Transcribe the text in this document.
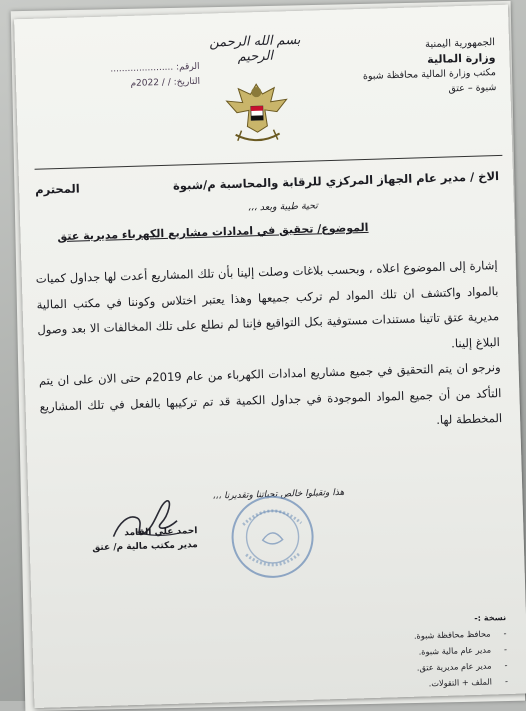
الجمهورية اليمنية
وزارة المالية
مكتب وزارة المالية محافظة شبوة
شبوة – عتق
بسم الله الرحمن الرحيم
الرقم: ......................
التاريخ: / / 2022م
الاخ / مدير عام الجهاز المركزي للرقابة والمحاسبة م/شبوة
المحترم
تحية طيبة وبعد ،،،
الموضوع/ تحقيق في امدادات مشاريع الكهرباء مديرية عتق

إشارة إلى الموضوع اعلاه ، وبحسب بلاغات وصلت إلينا بأن تلك المشاريع أعدت لها جداول كميات بالمواد واكتشف ان تلك المواد لم تركب جميعها وهذا يعتبر اختلاس وكوننا في مكتب المالية مديرية عتق تاتينا مستندات مستوفية بكل التواقيع فإننا لم نطلع على تلك المخالفات الا بعد وصول البلاغ إلينا.

ونرجو ان يتم التحقيق في جميع مشاريع امدادات الكهرباء من عام 2019م حتى الان على ان يتم التأكد من أن جميع المواد الموجودة في جداول الكمية قد تم تركيبها بالفعل في تلك المشاريع المخططة لها.

هذا وتقبلوا خالص تحياتنا وتقديرنا ،،،
احمد علي القامد
مدير مكتب مالية م/ عتق
نسخة :-
-
محافظ محافظة شبوة.
-
مدير عام مالية شبوة.
-
مدير عام مديرية عتق.
-
الملف + التقولات.
